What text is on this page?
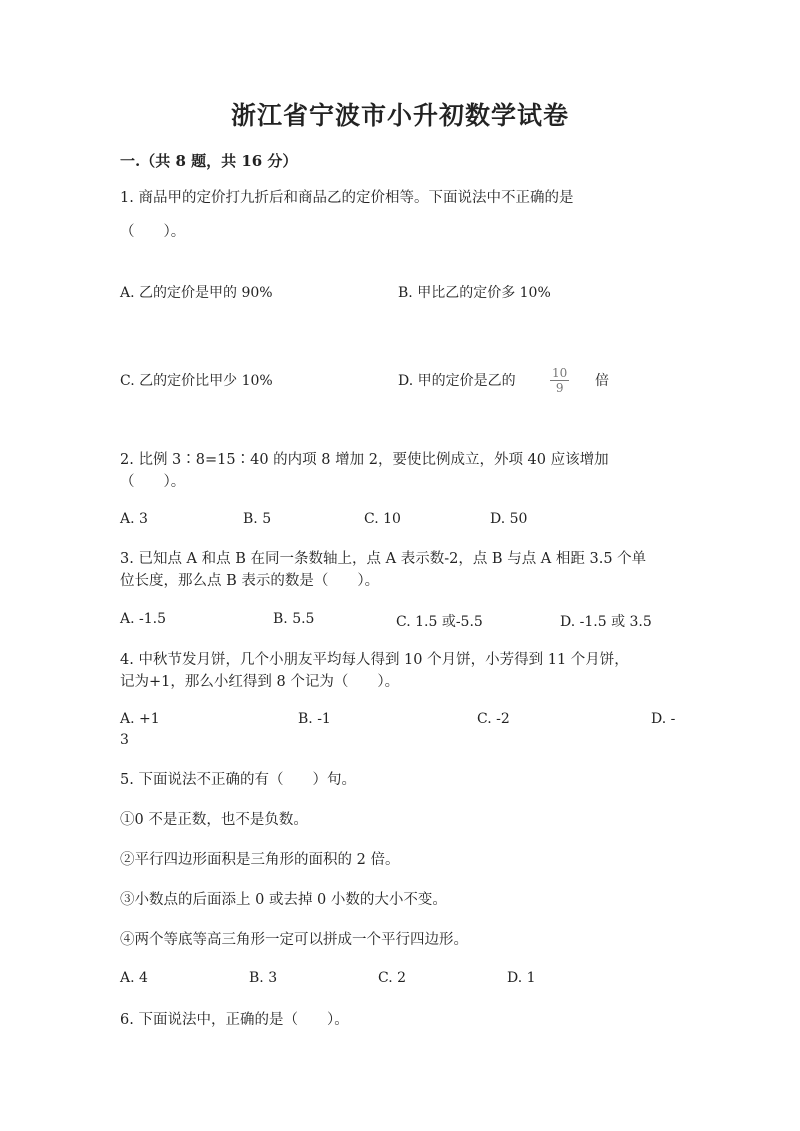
浙江省宁波市小升初数学试卷
一.（共 8 题，共 16 分）
1. 商品甲的定价打九折后和商品乙的定价相等。下面说法中不正确的是
（　　）。
A. 乙的定价是甲的 90%	B. 甲比乙的定价多 10%
C. 乙的定价比甲少 10%	D. 甲的定价是乙的	$\frac{10}{9}$ 倍
2. 比例 3∶8=15∶40 的内项 8 增加 2，要使比例成立，外项 40 应该增加
（　　）。
A. 3	B. 5	C. 10	D. 50
3. 已知点 A 和点 B 在同一条数轴上，点 A 表示数-2，点 B 与点 A 相距 3.5 个单
位长度，那么点 B 表示的数是（　　）。
A. -1.5	B. 5.5	C. 1.5 或-5.5	D. -1.5 或 3.5
4. 中秋节发月饼，几个小朋友平均每人得到 10 个月饼，小芳得到 11 个月饼，
记为+1，那么小红得到 8 个记为（　　）。
A. +1	B. -1	C. -2	D. -
3
5. 下面说法不正确的有（　　）句。
①0 不是正数，也不是负数。
②平行四边形面积是三角形的面积的 2 倍。
③小数点的后面添上 0 或去掉 0 小数的大小不变。
④两个等底等高三角形一定可以拼成一个平行四边形。
A. 4	B. 3	C. 2	D. 1
6. 下面说法中，正确的是（　　）。
